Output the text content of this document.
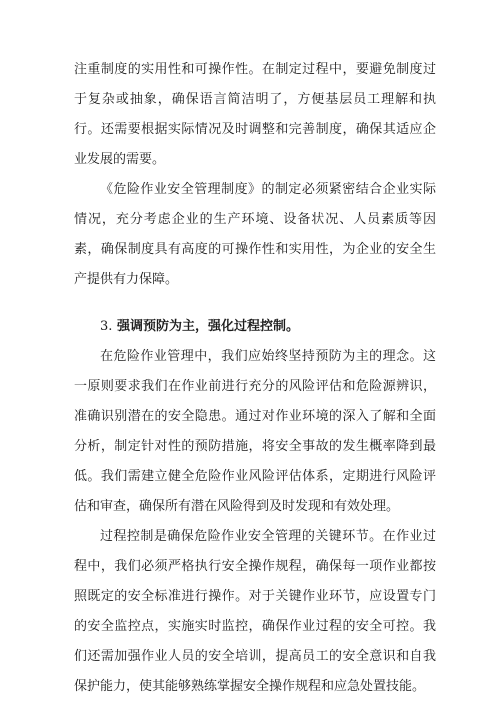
注重制度的实用性和可操作性。在制定过程中，要避免制度过于复杂或抽象，确保语言简洁明了，方便基层员工理解和执行。还需要根据实际情况及时调整和完善制度，确保其适应企业发展的需要。

《危险作业安全管理制度》的制定必须紧密结合企业实际情况，充分考虑企业的生产环境、设备状况、人员素质等因素，确保制度具有高度的可操作性和实用性，为企业的安全生产提供有力保障。

3. 强调预防为主，强化过程控制。

在危险作业管理中，我们应始终坚持预防为主的理念。这一原则要求我们在作业前进行充分的风险评估和危险源辨识，准确识别潜在的安全隐患。通过对作业环境的深入了解和全面分析，制定针对性的预防措施，将安全事故的发生概率降到最低。我们需建立健全危险作业风险评估体系，定期进行风险评估和审查，确保所有潜在风险得到及时发现和有效处理。

过程控制是确保危险作业安全管理的关键环节。在作业过程中，我们必须严格执行安全操作规程，确保每一项作业都按照既定的安全标准进行操作。对于关键作业环节，应设置专门的安全监控点，实施实时监控，确保作业过程的安全可控。我们还需加强作业人员的安全培训，提高员工的安全意识和自我保护能力，使其能够熟练掌握安全操作规程和应急处置技能。
